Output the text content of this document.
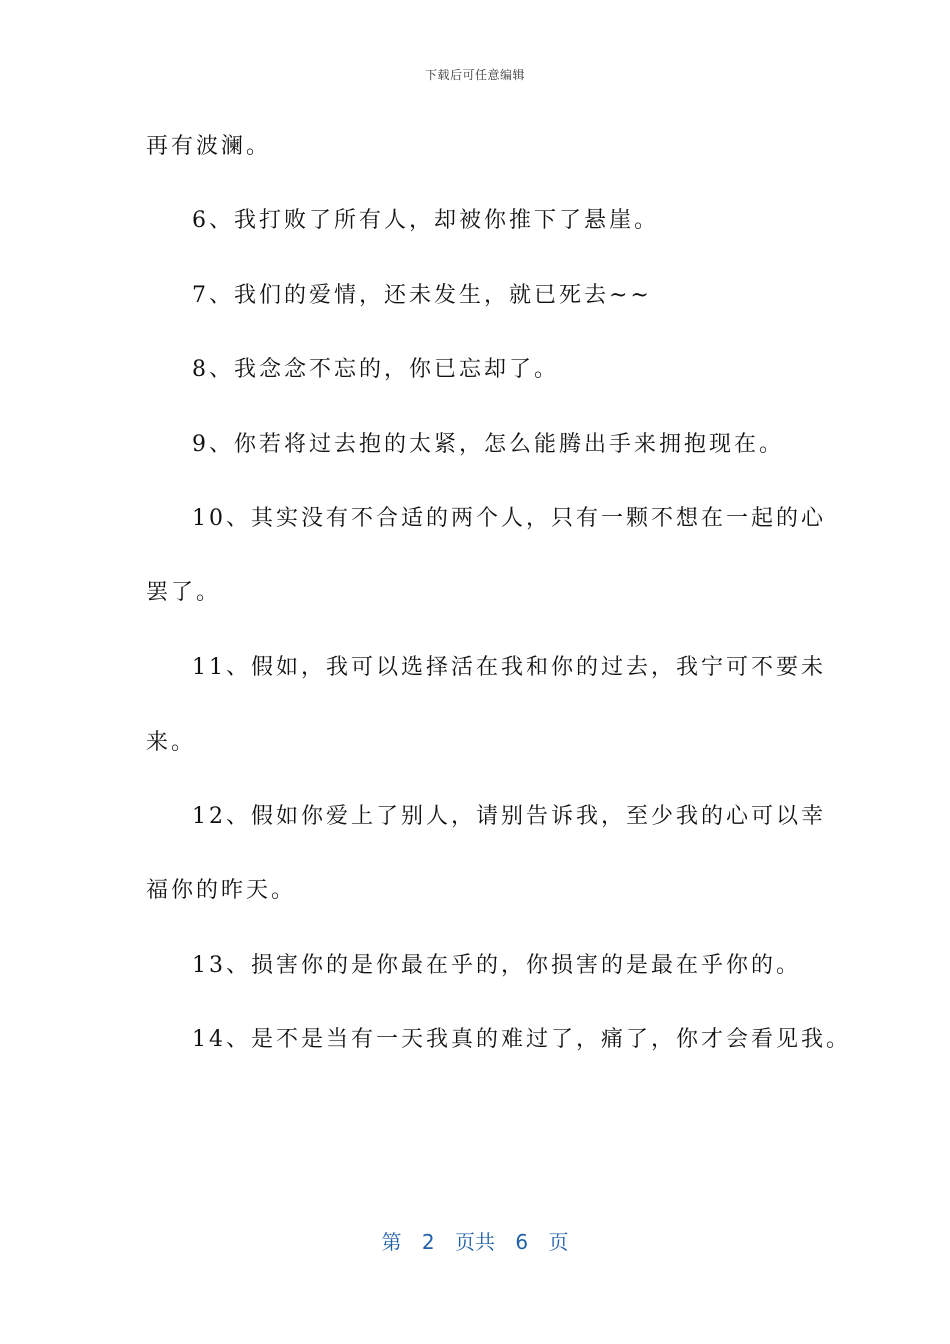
下载后可任意编辑
再有波澜。
6、我打败了所有人，却被你推下了悬崖。
7、我们的爱情，还未发生，就已死去~~
8、我念念不忘的，你已忘却了。
9、你若将过去抱的太紧，怎么能腾出手来拥抱现在。
10、其实没有不合适的两个人，只有一颗不想在一起的心
罢了。
11、假如，我可以选择活在我和你的过去，我宁可不要未
来。
12、假如你爱上了别人，请别告诉我，至少我的心可以幸
福你的昨天。
13、损害你的是你最在乎的，你损害的是最在乎你的。
14、是不是当有一天我真的难过了，痛了，你才会看见我。
第 2 页共 6 页
